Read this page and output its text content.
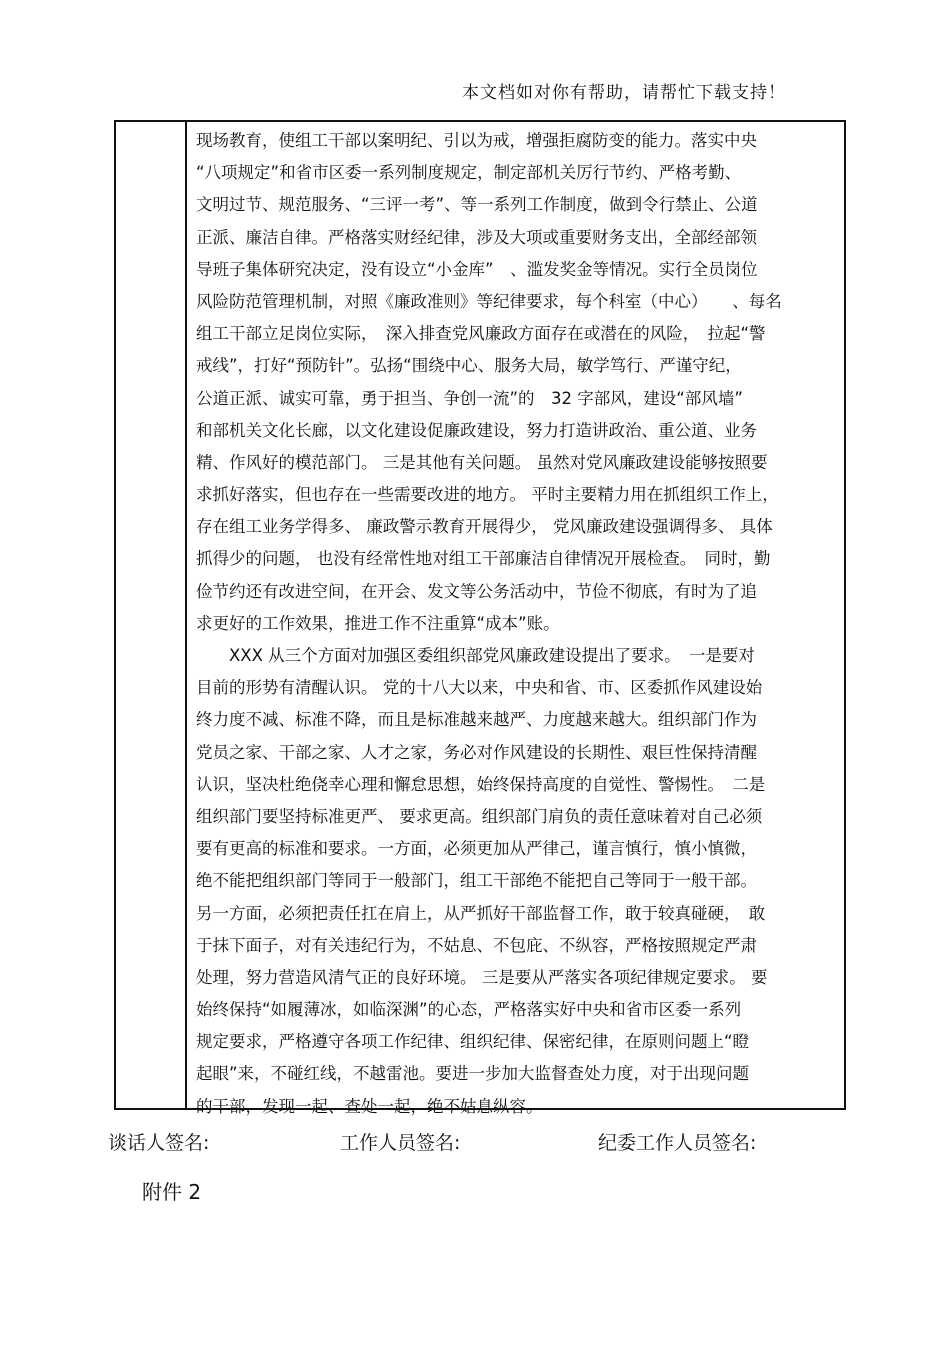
本文档如对你有帮助，请帮忙下载支持！
现场教育，使组工干部以案明纪、引以为戒，增强拒腐防变的能力。落实中央
“八项规定”和省市区委一系列制度规定，制定部机关厉行节约、严格考勤、
文明过节、规范服务、“三评一考”、等一系列工作制度，做到令行禁止、公道
正派、廉洁自律。严格落实财经纪律，涉及大项或重要财务支出，全部经部领
导班子集体研究决定，没有设立“小金库”　、滥发奖金等情况。实行全员岗位
风险防范管理机制，对照《廉政准则》等纪律要求，每个科室（中心）　　、每名
组工干部立足岗位实际，　深入排查党风廉政方面存在或潜在的风险，　拉起“警
戒线”，打好“预防针”。弘扬“围绕中心、服务大局，敏学笃行、严谨守纪，
公道正派、诚实可靠，勇于担当、争创一流”的　32 字部风，建设“部风墙”
和部机关文化长廊，以文化建设促廉政建设，努力打造讲政治、重公道、业务
精、作风好的模范部门。 三是其他有关问题。 虽然对党风廉政建设能够按照要
求抓好落实，但也存在一些需要改进的地方。 平时主要精力用在抓组织工作上，
存在组工业务学得多、 廉政警示教育开展得少， 党风廉政建设强调得多、 具体
抓得少的问题， 也没有经常性地对组工干部廉洁自律情况开展检查。　同时，勤
俭节约还有改进空间，在开会、发文等公务活动中，节俭不彻底，有时为了追
求更好的工作效果，推进工作不注重算“成本”账。
　　XXX 从三个方面对加强区委组织部党风廉政建设提出了要求。　一是要对
目前的形势有清醒认识。 党的十八大以来，中央和省、市、区委抓作风建设始
终力度不减、标准不降，而且是标准越来越严、力度越来越大。组织部门作为
党员之家、干部之家、人才之家，务必对作风建设的长期性、艰巨性保持清醒
认识，坚决杜绝侥幸心理和懈怠思想，始终保持高度的自觉性、警惕性。　二是
组织部门要坚持标准更严、 要求更高。组织部门肩负的责任意味着对自己必须
要有更高的标准和要求。一方面，必须更加从严律己，谨言慎行，慎小慎微，
绝不能把组织部门等同于一般部门，组工干部绝不能把自己等同于一般干部。
另一方面，必须把责任扛在肩上，从严抓好干部监督工作，敢于较真碰硬，　敢
于抹下面子，对有关违纪行为，不姑息、不包庇、不纵容，严格按照规定严肃
处理，努力营造风清气正的良好环境。 三是要从严落实各项纪律规定要求。 要
始终保持“如履薄冰，如临深渊”的心态，严格落实好中央和省市区委一系列
规定要求，严格遵守各项工作纪律、组织纪律、保密纪律，在原则问题上“瞪
起眼”来，不碰红线，不越雷池。要进一步加大监督查处力度，对于出现问题
的干部，发现一起、查处一起，绝不姑息纵容。
谈话人签名:	工作人员签名:	纪委工作人员签名:
附件 2
